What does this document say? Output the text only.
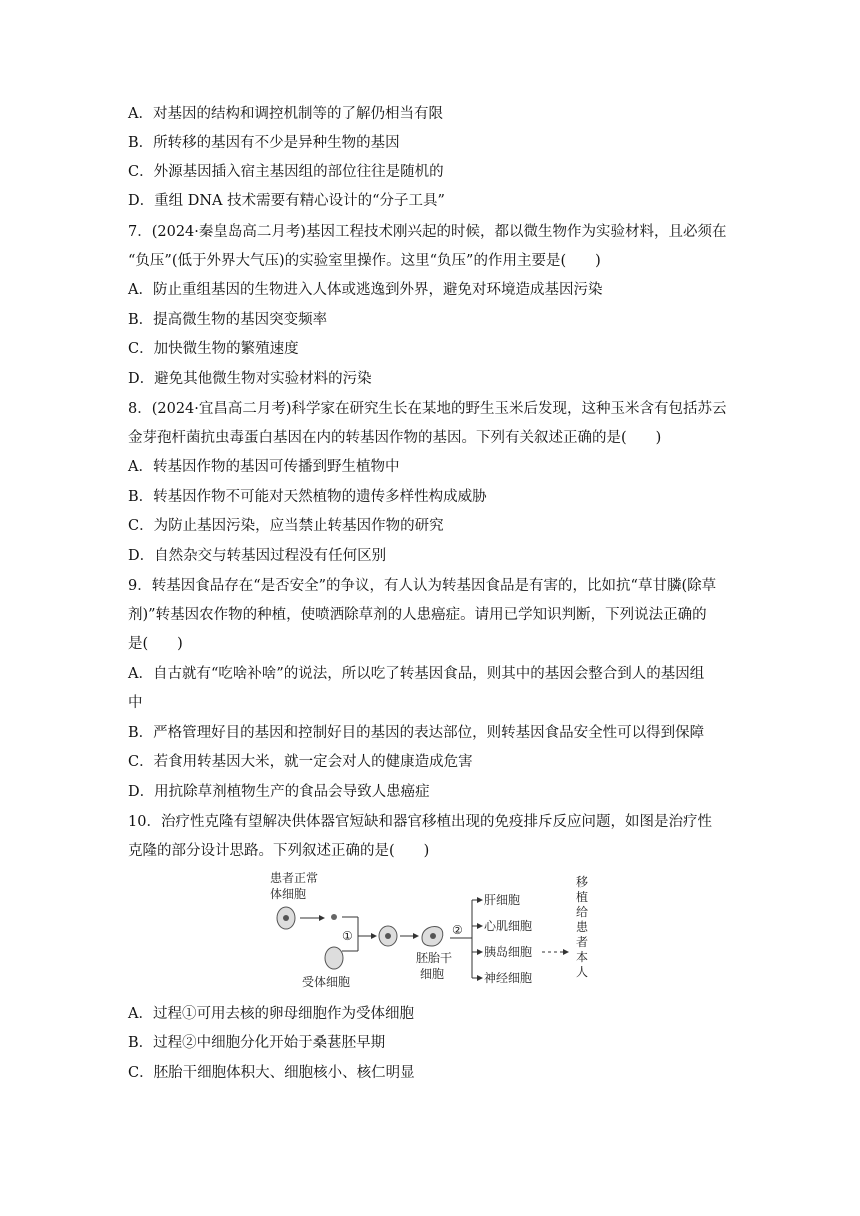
A．对基因的结构和调控机制等的了解仍相当有限
B．所转移的基因有不少是异种生物的基因
C．外源基因插入宿主基因组的部位往往是随机的
D．重组 DNA 技术需要有精心设计的“分子工具”
7．(2024·秦皇岛高二月考)基因工程技术刚兴起的时候，都以微生物作为实验材料，且必须在
“负压”(低于外界大气压)的实验室里操作。这里“负压”的作用主要是(　　)
A．防止重组基因的生物进入人体或逃逸到外界，避免对环境造成基因污染
B．提高微生物的基因突变频率
C．加快微生物的繁殖速度
D．避免其他微生物对实验材料的污染
8．(2024·宜昌高二月考)科学家在研究生长在某地的野生玉米后发现，这种玉米含有包括苏云
金芽孢杆菌抗虫毒蛋白基因在内的转基因作物的基因。下列有关叙述正确的是(　　)
A．转基因作物的基因可传播到野生植物中
B．转基因作物不可能对天然植物的遗传多样性构成威胁
C．为防止基因污染，应当禁止转基因作物的研究
D．自然杂交与转基因过程没有任何区别
9．转基因食品存在“是否安全”的争议，有人认为转基因食品是有害的，比如抗“草甘膦(除草
剂)”转基因农作物的种植，使喷洒除草剂的人患癌症。请用已学知识判断，下列说法正确的
是(　　)
A．自古就有“吃啥补啥”的说法，所以吃了转基因食品，则其中的基因会整合到人的基因组
中
B．严格管理好目的基因和控制好目的基因的表达部位，则转基因食品安全性可以得到保障
C．若食用转基因大米，就一定会对人的健康造成危害
D．用抗除草剂植物生产的食品会导致人患癌症
10．治疗性克隆有望解决供体器官短缺和器官移植出现的免疫排斥反应问题，如图是治疗性
克隆的部分设计思路。下列叙述正确的是(　　)
患者正常
体细胞
①
受体细胞
胚胎干
细胞
②
肝细胞
心肌细胞
胰岛细胞
神经细胞
移
植
给
患
者
本
人
A．过程①可用去核的卵母细胞作为受体细胞
B．过程②中细胞分化开始于桑葚胚早期
C．胚胎干细胞体积大、细胞核小、核仁明显
